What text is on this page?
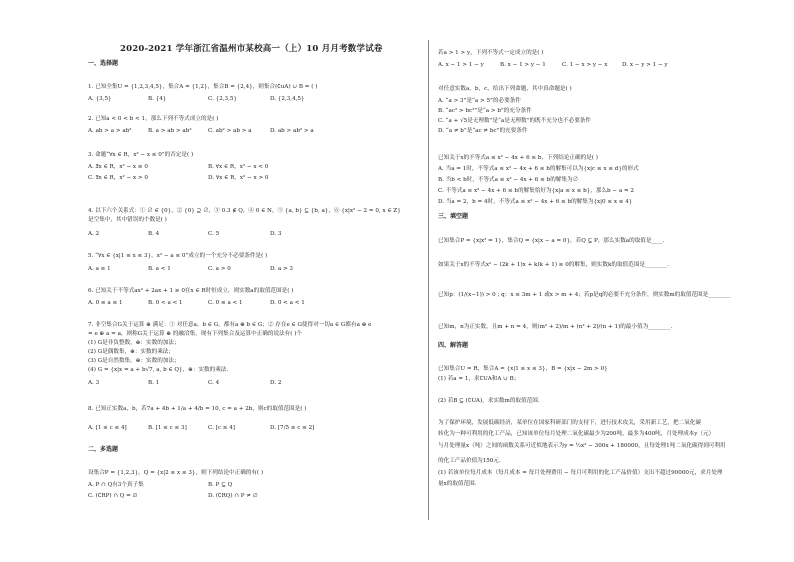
2020-2021 学年浙江省温州市某校高一（上）10 月月考数学试卷
一、选择题
1. 已知全集U = {1,2,3,4,5}，集合A = {1,2}，集合B = {2,4}，则集合(∁uA) ∪ B = ( )
A. {3,5}	B. {4}	C. {2,3,5}	D. {2,3,4,5}
2. 已知a < 0 < b < 1，那么下列不等式成立的是( )
A. ab > a > ab²	B. a > ab > ab²	C. ab² > ab > a	D. ab > ab² > a
3. 命题“∀x ∈ R，x² − x ≤ 0”的否定是( )
A. ∃x ∈ R，x² − x ≥ 0	B. ∀x ∈ R，x² − x < 0
C. ∃x ∈ R，x² − x > 0	D. ∀x ∈ R，x² − x > 0
4. 以下六个关系式：① ∅ ∈ {0}，② {0} ⊇ ∅，③ 0.3 ∉ Q，④ 0 ∈ N，⑤ {a, b} ⊆ {b, a}，⑥ {x|x² − 2 = 0, x ∈ Z}
是空集中，其中错误的个数是( )
A. 2	B. 4	C. 5	D. 3
5. “∀x ∈ {x|1 ≤ x ≤ 3}，x² − a ≤ 0”成立的一个充分不必要条件是( )
A. a ≥ 1	B. a < 1	C. a > 0	D. a > 3
6. 已知关于不等式ax² + 2ax + 1 ≥ 0在x ∈ R时恒成立，则实数a的取值范围是( )
A. 0 ≤ a ≤ 1	B. 0 < a < 1	C. 0 ≤ a < 1	D. 0 < a < 1
7. 非空集合G关于运算 ⊕ 满足：① 对任意a，b ∈ G，都有a ⊕ b ∈ G；② 存在e ∈ G使得对一切a ∈ G都有a ⊕ e
= e ⊕ a = a，则称G关于运算 ⊕ 的融洽集，现有下列集合及运算中正确的说法有( )个
(1) G是非负整数，⊕：实数的加法；
(2) G是偶数集，⊕：实数的乘法；
(3) G是自然数集，⊕：实数的加法；
(4) G = {x|x = a + b√7, a, b ∈ Q}，⊕：实数的乘法.
A. 3	B. 1	C. 4	D. 2
8. 已知正实数a，b，若7a + 4b + 1/a + 4/b = 10, c = a + 2b，则c的取值范围是( )
A. [1 ≤ c ≤ 4]	B. [1 ≤ c ≤ 3]	C. [c ≤ 4]	D. [7/5 ≤ c ≤ 2]
二、多选题
设集合P = {1,2,3}，Q = {x|2 ≤ x ≤ 3}，则下列结论中正确的有( )
A. P ∩ Q有3个真子集	B. P ⊆ Q
C. (∁RP) ∩ Q = ∅	D. (∁RQ) ∩ P ≠ ∅
若a > 1 > y，下列不等式一定成立的是( )
A. x − 1 > 1 − y	B. x − 1 > y − 1	C. 1 − x > y − x	D. x − y > 1 − y
对任意实数a，b，c，给出下列命题，其中真命题是( )
A. “a > 3”是“a > 5”的必要条件
B. “ac² > bc²”是“a > b”的充分条件
C. “a + √5是无理数”是“a是无理数”的既不充分也不必要条件
D. “a ≠ b”是“ac ≠ bc”的充要条件
已知关于x的不等式a ≤ x² − 4x + 6 ≤ b，下列结论正确的是( )
A. 当a = 1时，不等式a ≤ x² − 4x + 6 ≤ b的解集可以为{x|c ≤ x ≤ d}的形式
B. 当b < b时，不等式a ≤ x² − 4x + 6 ≤ b的解集为∅
C. 不等式a ≤ x² − 4x + 6 ≤ b的解集恰好为{x|a ≤ x ≤ b}，那么b − a = 2
D. 当a = 2，b = 4时，不等式a ≤ x² − 4x + 6 ≤ b的解集为{x|0 ≤ x ≤ 4}
三、填空题
已知集合P = {x|x² = 1}，集合Q = {x|x − a = 0}，若Q ⊆ P，那么实数a的取值是____.
如果关于x的不等式x² − (2k + 1)x + k(k + 1) ≥ 0的解集，则实数k的取值范围是________.
已知p：(1/(x−1)) > 0 ; q：x ≤ 3m + 1 或x > m + 4；若p是q的必要不充分条件，则实数m的取值范围是________
已知m，n为正实数，且m + n = 4，则(m² + 2)/m + (n² + 2)/(n + 1)的最小值为________.
四、解答题
已知集合U = R，集合A = {x|1 ≤ x ≤ 3}，B = {x|x − 2m > 0}
(1) 若a = 1，求∁UA和A ∪ B；
(2) 若B ⊆ (∁UA)，求实数m的取值范围.
为了保护环境，发展低碳经济，某单位在国家科研部门的支持下，进行技术攻关，采用新工艺，把二氧化碳
转化为一种可利用的化工产品，已知该单位每月处理二氧化碳最少为200吨，最多为400吨，月处理成本y（元）
与月处理量x（吨）之间的函数关系可近似地表示为y = ½x² − 300x + 180000，且每处理1吨二氧化碳得到可利用
的化工产品价值为150元.
(1) 若该单位每月成本（每月成本 = 每月处理费用 − 每月可利用的化工产品价值）支出不超过90000元，求月处理
量x的取值范围.
